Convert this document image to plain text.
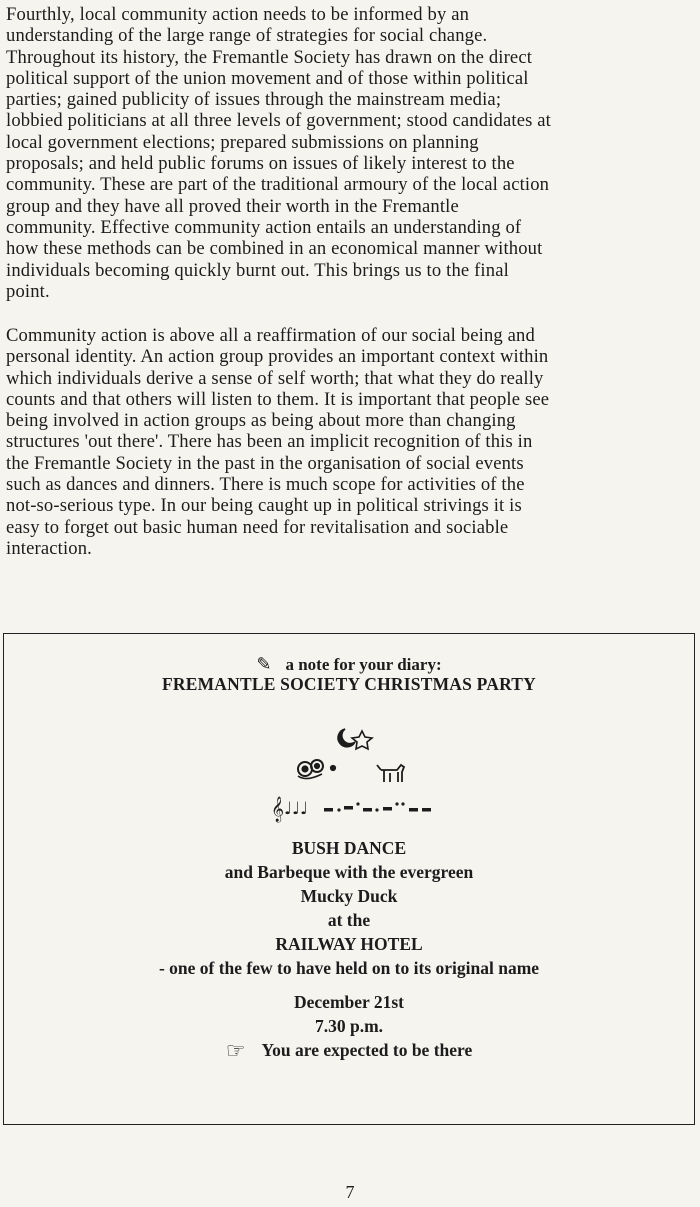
Fourthly, local community action needs to be informed by an
understanding of the large range of strategies for social change.
Throughout its history, the Fremantle Society has drawn on the direct
political support of the union movement and of those within political
parties; gained publicity of issues through the mainstream media;
lobbied politicians at all three levels of government; stood candidates at
local government elections; prepared submissions on planning
proposals; and held public forums on issues of likely interest to the
community. These are part of the traditional armoury of the local action
group and they have all proved their worth in the Fremantle
community. Effective community action entails an understanding of
how these methods can be combined in an economical manner without
individuals becoming quickly burnt out. This brings us to the final
point.
Community action is above all a reaffirmation of our social being and
personal identity. An action group provides an important context within
which individuals derive a sense of self worth; that what they do really
counts and that others will listen to them. It is important that people see
being involved in action groups as being about more than changing
structures 'out there'. There has been an implicit recognition of this in
the Fremantle Society in the past in the organisation of social events
such as dances and dinners. There is much scope for activities of the
not-so-serious type. In our being caught up in political strivings it is
easy to forget out basic human need for revitalisation and sociable
interaction.
✎ a note for your diary:
FREMANTLE SOCIETY CHRISTMAS PARTY
𝄞 ♩♩♩
BUSH DANCE
and Barbeque with the evergreen
Mucky Duck
at the
RAILWAY HOTEL
- one of the few to have held on to its original name
December 21st
7.30 p.m.
☞ You are expected to be there
7
